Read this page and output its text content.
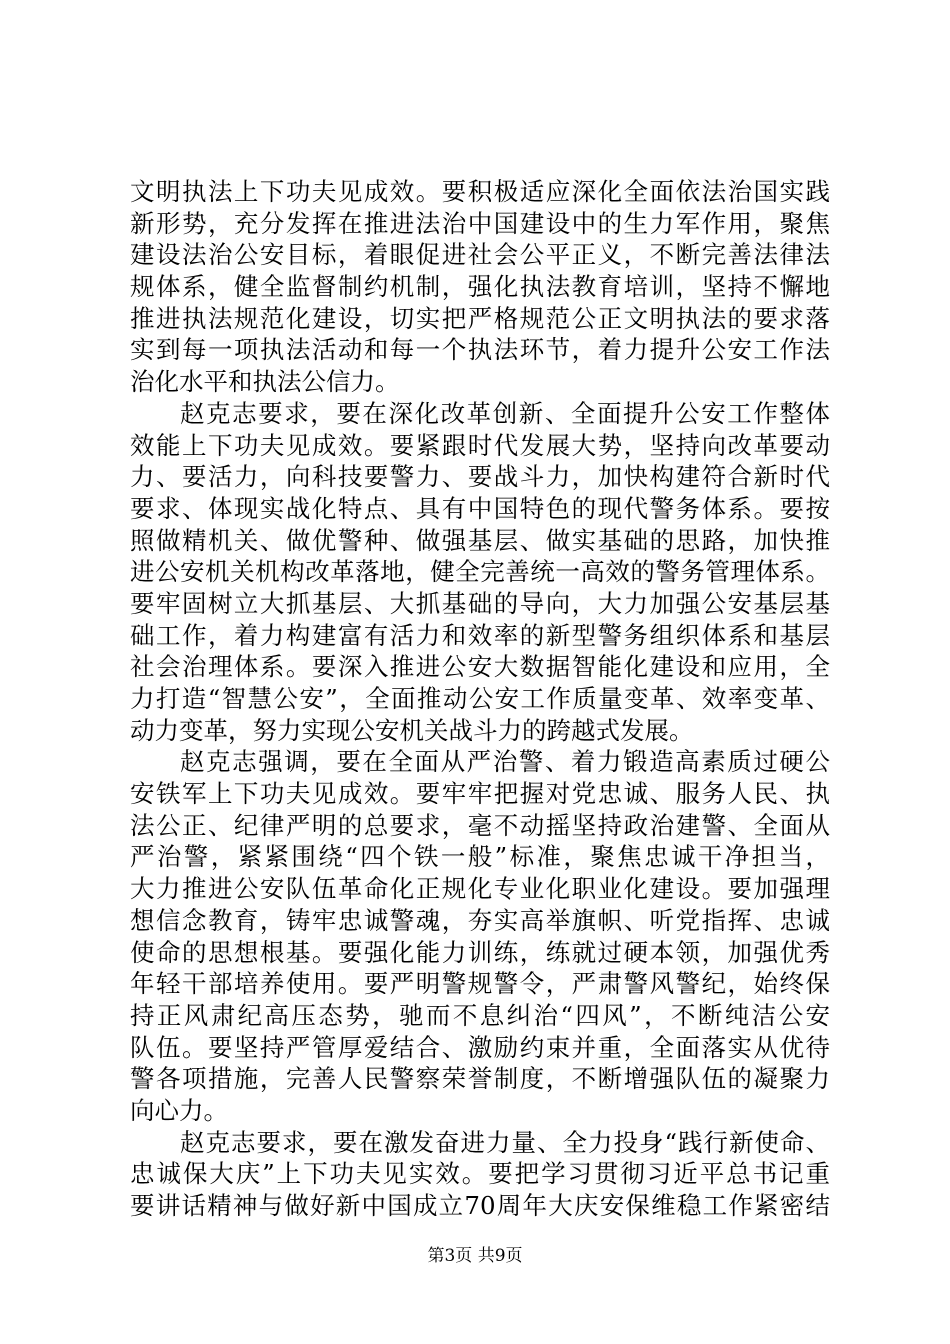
文明执法上下功夫见成效。要积极适应深化全面依法治国实践
新形势，充分发挥在推进法治中国建设中的生力军作用，聚焦
建设法治公安目标，着眼促进社会公平正义，不断完善法律法
规体系，健全监督制约机制，强化执法教育培训，坚持不懈地
推进执法规范化建设，切实把严格规范公正文明执法的要求落
实到每一项执法活动和每一个执法环节，着力提升公安工作法
治化水平和执法公信力。
赵克志要求，要在深化改革创新、全面提升公安工作整体
效能上下功夫见成效。要紧跟时代发展大势，坚持向改革要动
力、要活力，向科技要警力、要战斗力，加快构建符合新时代
要求、体现实战化特点、具有中国特色的现代警务体系。要按
照做精机关、做优警种、做强基层、做实基础的思路，加快推
进公安机关机构改革落地，健全完善统一高效的警务管理体系。
要牢固树立大抓基层、大抓基础的导向，大力加强公安基层基
础工作，着力构建富有活力和效率的新型警务组织体系和基层
社会治理体系。要深入推进公安大数据智能化建设和应用，全
力打造“智慧公安”，全面推动公安工作质量变革、效率变革、
动力变革，努力实现公安机关战斗力的跨越式发展。
赵克志强调，要在全面从严治警、着力锻造高素质过硬公
安铁军上下功夫见成效。要牢牢把握对党忠诚、服务人民、执
法公正、纪律严明的总要求，毫不动摇坚持政治建警、全面从
严治警，紧紧围绕“四个铁一般”标准，聚焦忠诚干净担当，
大力推进公安队伍革命化正规化专业化职业化建设。要加强理
想信念教育，铸牢忠诚警魂，夯实高举旗帜、听党指挥、忠诚
使命的思想根基。要强化能力训练，练就过硬本领，加强优秀
年轻干部培养使用。要严明警规警令，严肃警风警纪，始终保
持正风肃纪高压态势，驰而不息纠治“四风”，不断纯洁公安
队伍。要坚持严管厚爱结合、激励约束并重，全面落实从优待
警各项措施，完善人民警察荣誉制度，不断增强队伍的凝聚力
向心力。
赵克志要求，要在激发奋进力量、全力投身“践行新使命、
忠诚保大庆”上下功夫见实效。要把学习贯彻习近平总书记重
要讲话精神与做好新中国成立70周年大庆安保维稳工作紧密结
第3页 共9页
